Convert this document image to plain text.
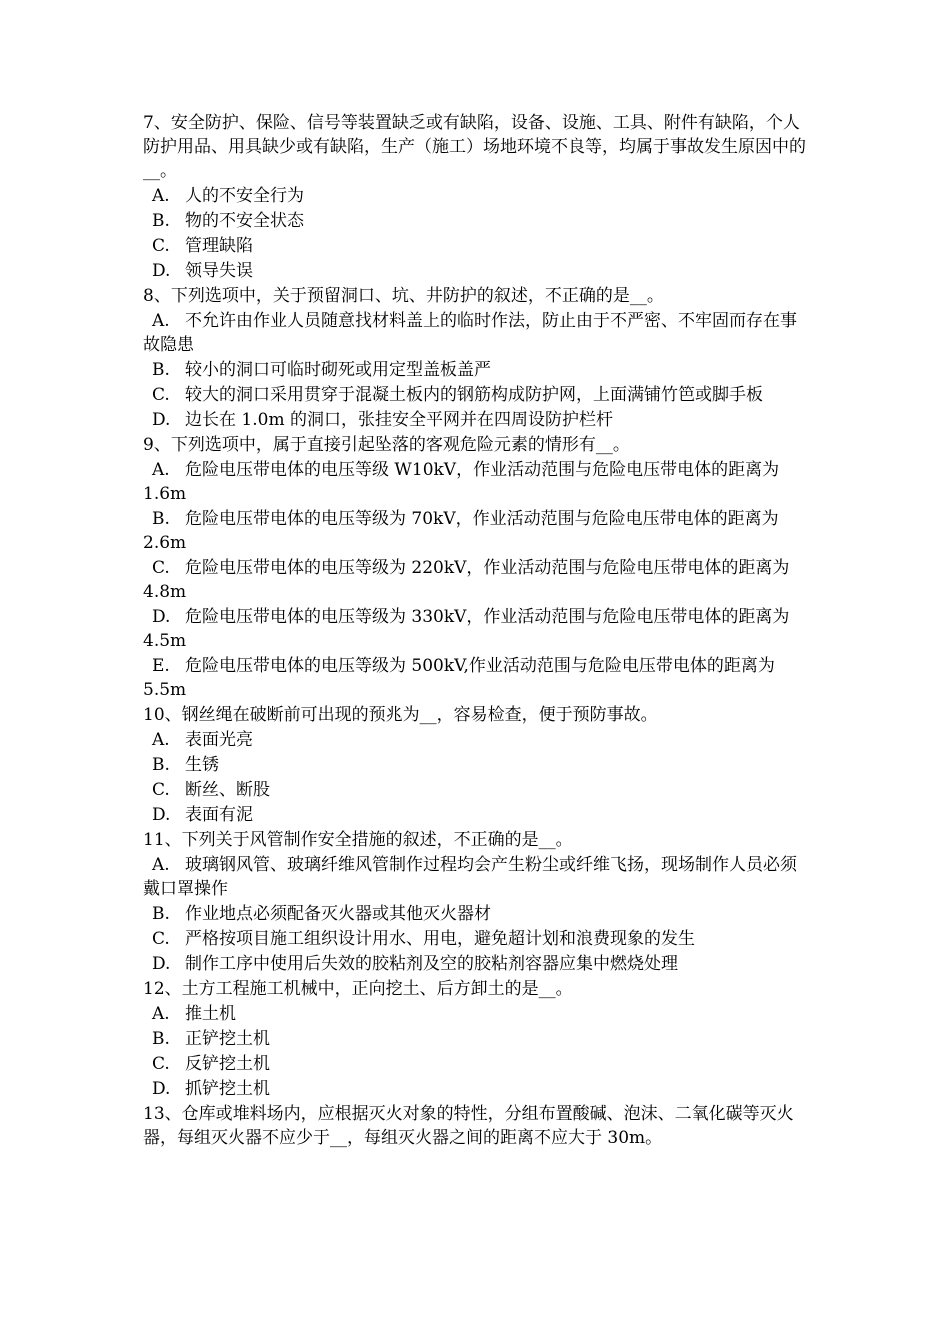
7、安全防护、保险、信号等装置缺乏或有缺陷，设备、设施、工具、附件有缺陷，个人防护用品、用具缺少或有缺陷，生产（施工）场地环境不良等，均属于事故发生原因中的__。

A. 人的不安全行为

B. 物的不安全状态

C. 管理缺陷

D. 领导失误

8、下列选项中，关于预留洞口、坑、井防护的叙述，不正确的是__。

A. 不允许由作业人员随意找材料盖上的临时作法，防止由于不严密、不牢固而存在事故隐患

B. 较小的洞口可临时砌死或用定型盖板盖严

C. 较大的洞口采用贯穿于混凝土板内的钢筋构成防护网，上面满铺竹笆或脚手板

D. 边长在 1.0m 的洞口，张挂安全平网并在四周设防护栏杆

9、下列选项中，属于直接引起坠落的客观危险元素的情形有__。

A. 危险电压带电体的电压等级 W10kV，作业活动范围与危险电压带电体的距离为 1.6m

B. 危险电压带电体的电压等级为 70kV，作业活动范围与危险电压带电体的距离为 2.6m

C. 危险电压带电体的电压等级为 220kV，作业活动范围与危险电压带电体的距离为 4.8m

D. 危险电压带电体的电压等级为 330kV，作业活动范围与危险电压带电体的距离为 4.5m

E. 危险电压带电体的电压等级为 500kV,作业活动范围与危险电压带电体的距离为 5.5m

10、钢丝绳在破断前可出现的预兆为__，容易检查，便于预防事故。

A. 表面光亮

B. 生锈

C. 断丝、断股

D. 表面有泥

11、下列关于风管制作安全措施的叙述，不正确的是__。

A. 玻璃钢风管、玻璃纤维风管制作过程均会产生粉尘或纤维飞扬，现场制作人员必须戴口罩操作

B. 作业地点必须配备灭火器或其他灭火器材

C. 严格按项目施工组织设计用水、用电，避免超计划和浪费现象的发生

D. 制作工序中使用后失效的胶粘剂及空的胶粘剂容器应集中燃烧处理

12、土方工程施工机械中，正向挖土、后方卸土的是__。

A. 推土机

B. 正铲挖土机

C. 反铲挖土机

D. 抓铲挖土机

13、仓库或堆料场内，应根据灭火对象的特性，分组布置酸碱、泡沫、二氧化碳等灭火器，每组灭火器不应少于__，每组灭火器之间的距离不应大于 30m。
